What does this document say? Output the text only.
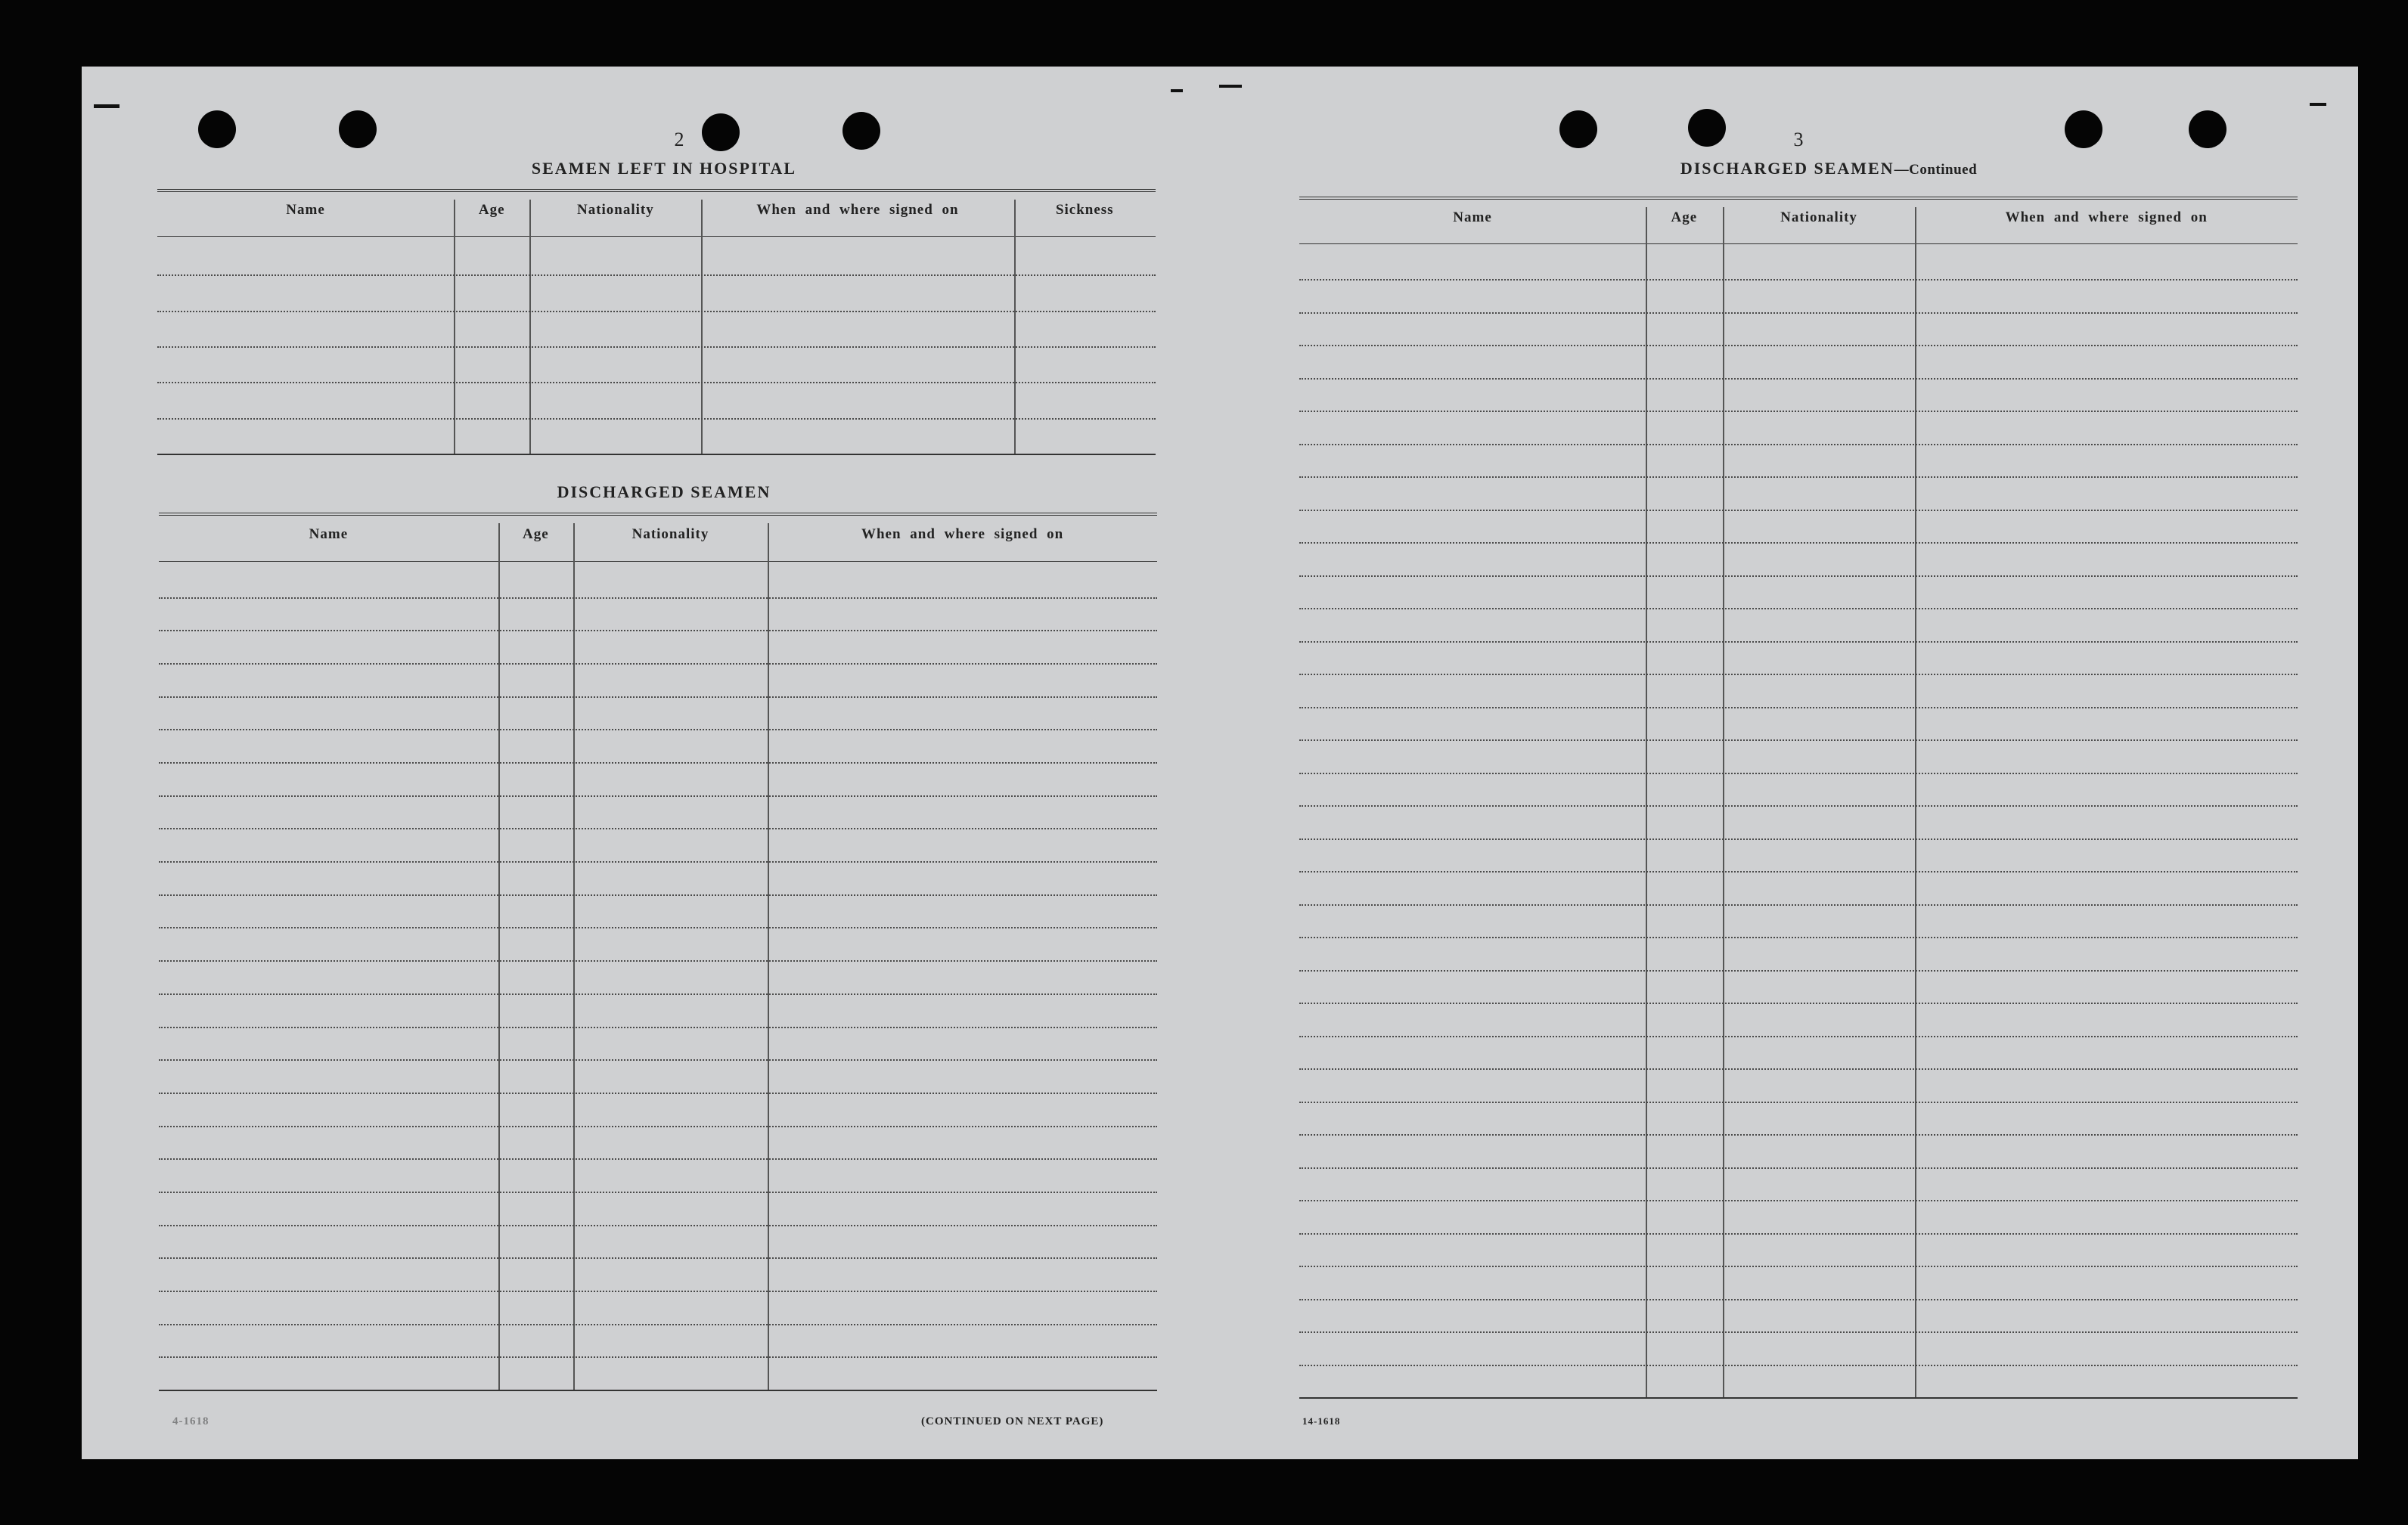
2
SEAMEN LEFT IN HOSPITAL
Name	Age	Nationality	When and where signed on	Sickness
DISCHARGED SEAMEN
Name	Age	Nationality	When and where signed on
4-1618	(CONTINUED ON NEXT PAGE)
3
DISCHARGED SEAMEN—Continued
Name	Age	Nationality	When and where signed on
14-1618
